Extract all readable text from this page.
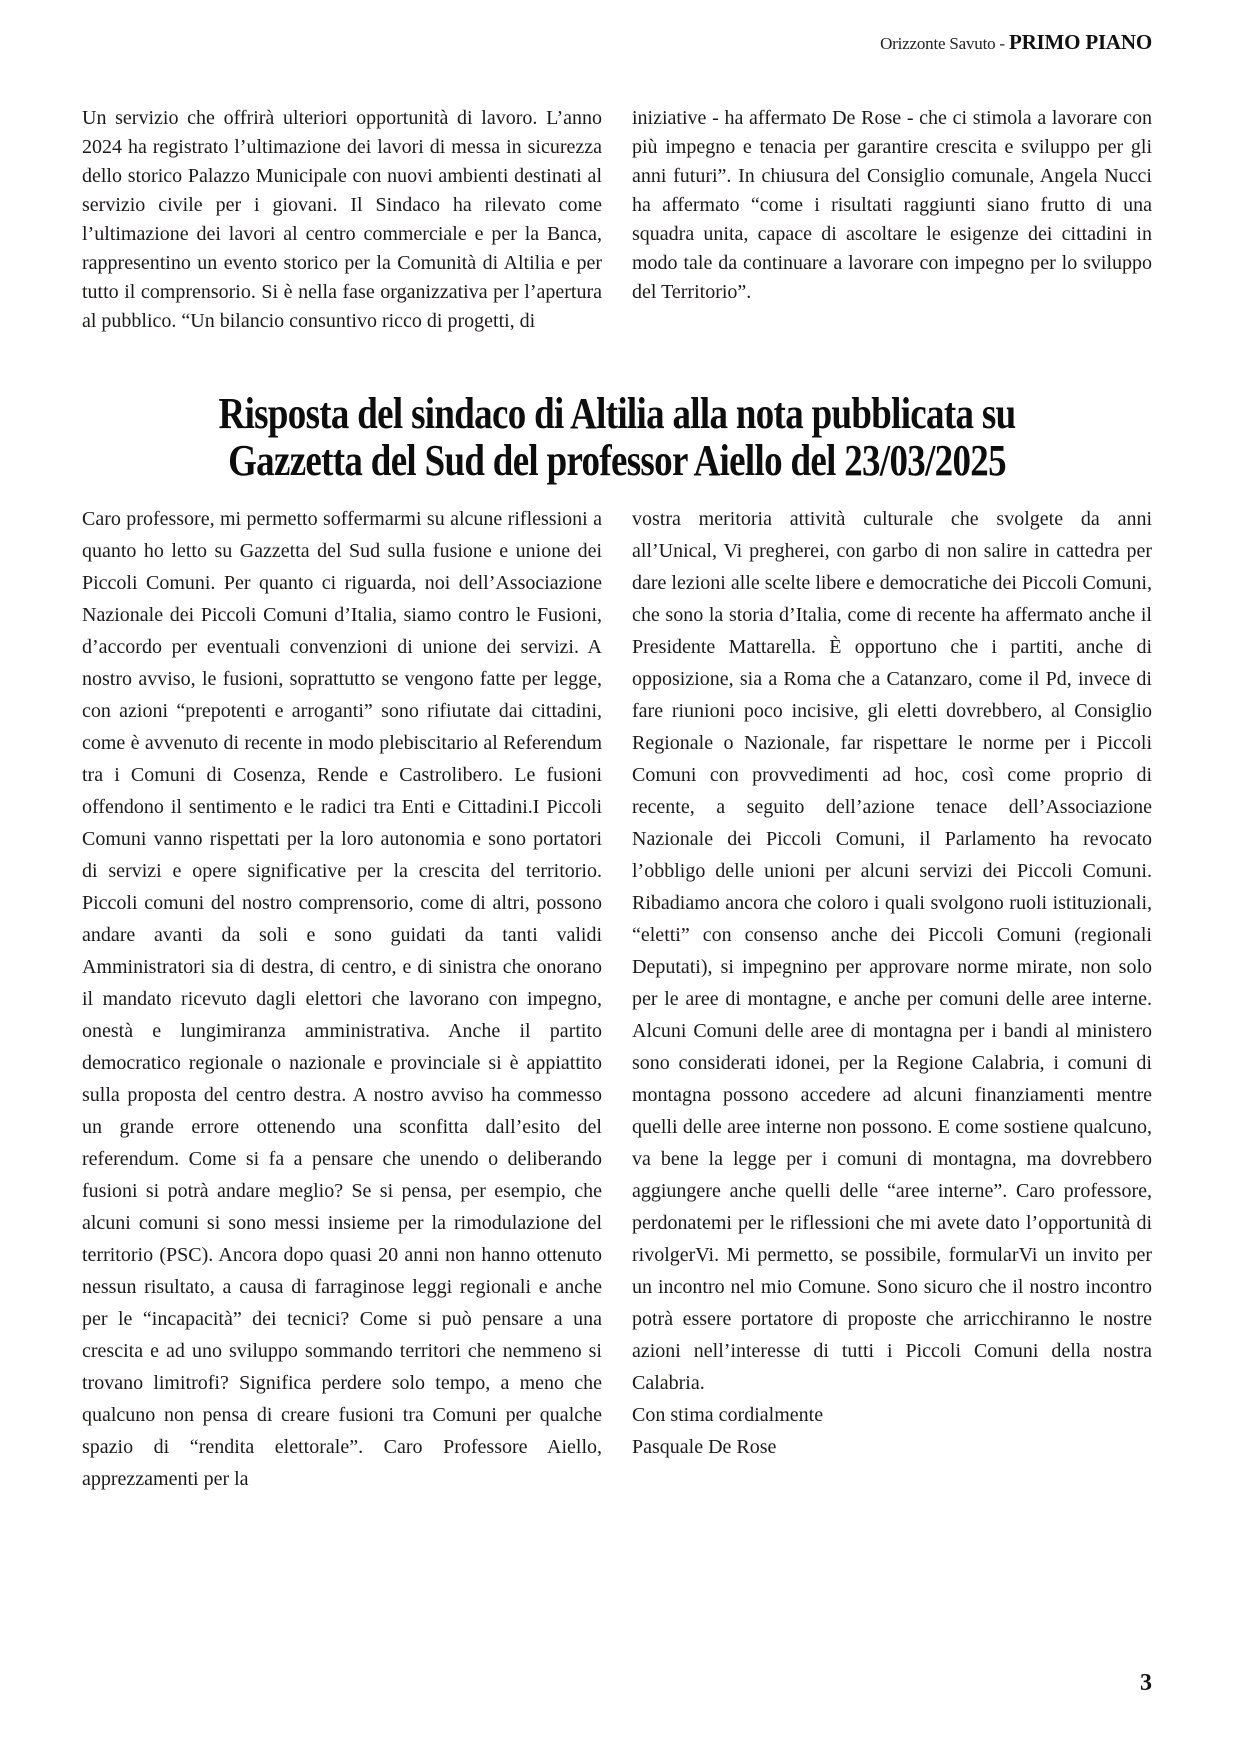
Orizzonte Savuto - PRIMO PIANO
Un servizio che offrirà ulteriori opportunità di lavoro. L’anno 2024 ha registrato l’ultimazione dei lavori di messa in sicurezza dello storico Palazzo Municipale con nuovi ambienti destinati al servizio civile per i giovani. Il Sindaco ha rilevato come l’ultimazione dei lavori al centro commerciale e per la Banca, rappresentino un evento storico per la Comunità di Altilia e per tutto il comprensorio. Si è nella fase organizzativa per l’apertura al pubblico. “Un bilancio consuntivo ricco di progetti, di
iniziative - ha affermato De Rose - che ci stimola a lavorare con più impegno e tenacia per garantire crescita e sviluppo per gli anni futuri”. In chiusura del Consiglio comunale, Angela Nucci ha affermato “come i risultati raggiunti siano frutto di una squadra unita, capace di ascoltare le esigenze dei cittadini in modo tale da continuare a lavorare con impegno per lo sviluppo del Territorio”.
Risposta del sindaco di Altilia alla nota pubblicata su
Gazzetta del Sud del professor Aiello del 23/03/2025
Caro professore, mi permetto soffermarmi su alcune riflessioni a quanto ho letto su Gazzetta del Sud sulla fusione e unione dei Piccoli Comuni. Per quanto ci riguarda, noi dell’Associazione Nazionale dei Piccoli Comuni d’Italia, siamo contro le Fusioni, d’accordo per eventuali convenzioni di unione dei servizi. A nostro avviso, le fusioni, soprattutto se vengono fatte per legge, con azioni “prepotenti e arroganti” sono rifiutate dai cittadini, come è avvenuto di recente in modo plebiscitario al Referendum tra i Comuni di Cosenza, Rende e Castrolibero. Le fusioni offendono il sentimento e le radici tra Enti e Cittadini.I Piccoli Comuni vanno rispettati per la loro autonomia e sono portatori di servizi e opere significative per la crescita del territorio. Piccoli comuni del nostro comprensorio, come di altri, possono andare avanti da soli e sono guidati da tanti validi Amministratori sia di destra, di centro, e di sinistra che onorano il mandato ricevuto dagli elettori che lavorano con impegno, onestà e lungimiranza amministrativa. Anche il partito democratico regionale o nazionale e provinciale si è appiattito sulla proposta del centro destra. A nostro avviso ha commesso un grande errore ottenendo una sconfitta dall’esito del referendum. Come si fa a pensare che unendo o deliberando fusioni si potrà andare meglio? Se si pensa, per esempio, che alcuni comuni si sono messi insieme per la rimodulazione del territorio (PSC). Ancora dopo quasi 20 anni non hanno ottenuto nessun risultato, a causa di farraginose leggi regionali e anche per le “incapacità” dei tecnici? Come si può pensare a una crescita e ad uno sviluppo sommando territori che nemmeno si trovano limitrofi? Significa perdere solo tempo, a meno che qualcuno non pensa di creare fusioni tra Comuni per qualche spazio di “rendita elettorale”. Caro Professore Aiello, apprezzamenti per la
vostra meritoria attività culturale che svolgete da anni all’Unical, Vi pregherei, con garbo di non salire in cattedra per dare lezioni alle scelte libere e democratiche dei Piccoli Comuni, che sono la storia d’Italia, come di recente ha affermato anche il Presidente Mattarella. È opportuno che i partiti, anche di opposizione, sia a Roma che a Catanzaro, come il Pd, invece di fare riunioni poco incisive, gli eletti dovrebbero, al Consiglio Regionale o Nazionale, far rispettare le norme per i Piccoli Comuni con provvedimenti ad hoc, così come proprio di recente, a seguito dell’azione tenace dell’Associazione Nazionale dei Piccoli Comuni, il Parlamento ha revocato l’obbligo delle unioni per alcuni servizi dei Piccoli Comuni. Ribadiamo ancora che coloro i quali svolgono ruoli istituzionali, “eletti” con consenso anche dei Piccoli Comuni (regionali Deputati), si impegnino per approvare norme mirate, non solo per le aree di montagne, e anche per comuni delle aree interne. Alcuni Comuni delle aree di montagna per i bandi al ministero sono considerati idonei, per la Regione Calabria, i comuni di montagna possono accedere ad alcuni finanziamenti mentre quelli delle aree interne non possono. E come sostiene qualcuno, va bene la legge per i comuni di montagna, ma dovrebbero aggiungere anche quelli delle “aree interne”. Caro professore, perdonatemi per le riflessioni che mi avete dato l’opportunità di rivolgerVi. Mi permetto, se possibile, formularVi un invito per un incontro nel mio Comune. Sono sicuro che il nostro incontro potrà essere portatore di proposte che arricchiranno le nostre azioni nell’interesse di tutti i Piccoli Comuni della nostra Calabria.
Con stima cordialmente
Pasquale De Rose
3
